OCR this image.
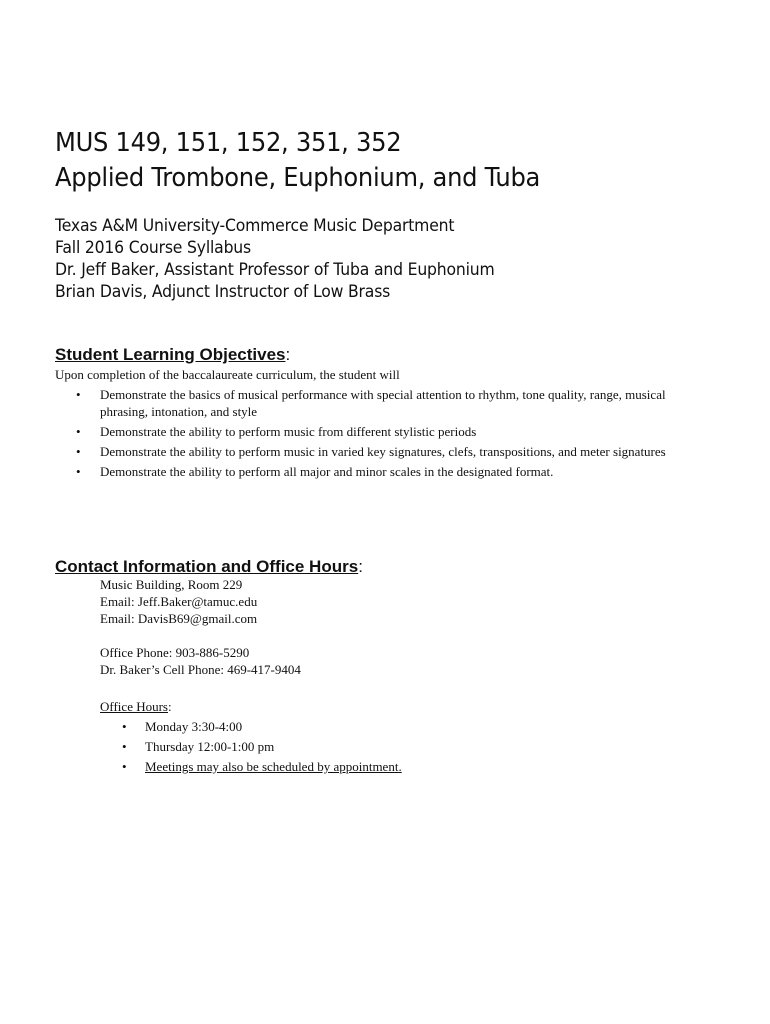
MUS 149, 151, 152, 351, 352
Applied Trombone, Euphonium, and Tuba
Texas A&M University-Commerce Music Department
Fall 2016 Course Syllabus
Dr. Jeff Baker, Assistant Professor of Tuba and Euphonium
Brian Davis, Adjunct Instructor of Low Brass
Student Learning Objectives:
Upon completion of the baccalaureate curriculum, the student will
• Demonstrate the basics of musical performance with special attention to rhythm, tone quality, range, musical phrasing, intonation, and style
• Demonstrate the ability to perform music from different stylistic periods
• Demonstrate the ability to perform music in varied key signatures, clefs, transpositions, and meter signatures
• Demonstrate the ability to perform all major and minor scales in the designated format.
Contact Information and Office Hours:
Music Building, Room 229
Email: Jeff.Baker@tamuc.edu
Email: DavisB69@gmail.com
Office Phone: 903-886-5290
Dr. Baker’s Cell Phone: 469-417-9404
Office Hours:
• Monday 3:30-4:00
• Thursday 12:00-1:00 pm
• Meetings may also be scheduled by appointment.
